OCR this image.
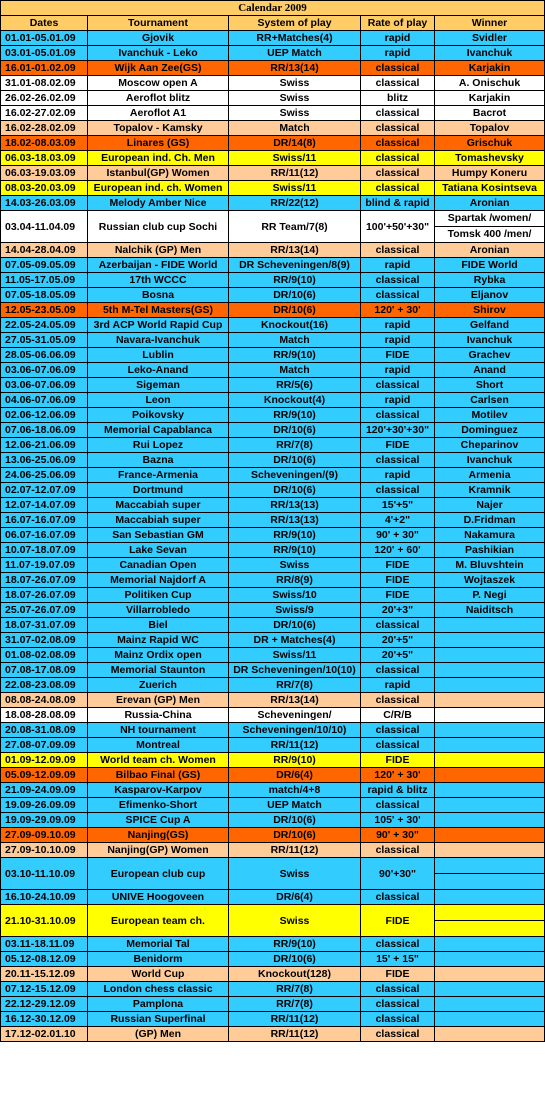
Calendar 2009				
Dates	Tournament	System of play	Rate of play	Winner
01.01-05.01.09	Gjovik	RR+Matches(4)	rapid	Svidler
03.01-05.01.09	Ivanchuk - Leko	UEP Match	rapid	Ivanchuk
16.01-01.02.09	Wijk Aan Zee(GS)	RR/13(14)	classical	Karjakin
31.01-08.02.09	Moscow open A	Swiss	classical	A. Onischuk
26.02-26.02.09	Aeroflot blitz	Swiss	blitz	Karjakin
16.02-27.02.09	Aeroflot A1	Swiss	classical	Bacrot
16.02-28.02.09	Topalov - Kamsky	Match	classical	Topalov
18.02-08.03.09	Linares (GS)	DR/14(8)	classical	Grischuk
06.03-18.03.09	European ind. Ch. Men	Swiss/11	classical	Tomashevsky
06.03-19.03.09	Istanbul(GP) Women	RR/11(12)	classical	Humpy Koneru
08.03-20.03.09	European ind. ch. Women	Swiss/11	classical	Tatiana Kosintseva
14.03-26.03.09	Melody Amber Nice	RR/22(12)	blind & rapid	Aronian
03.04-11.04.09	Russian club cup Sochi	RR Team/7(8)	100'+50'+30"	Spartak /women/
Tomsk 400 /men/

14.04-28.04.09	Nalchik (GP) Men	RR/13(14)	classical	Aronian
07.05-09.05.09	Azerbaijan - FIDE World	DR Scheveningen/8(9)	rapid	FIDE World
11.05-17.05.09	17th WCCC	RR/9(10)	classical	Rybka
07.05-18.05.09	Bosna	DR/10(6)	classical	Eljanov
12.05-23.05.09	5th M-Tel Masters(GS)	DR/10(6)	120' + 30'	Shirov
22.05-24.05.09	3rd ACP World Rapid Cup	Knockout(16)	rapid	Gelfand
27.05-31.05.09	Navara-Ivanchuk	Match	rapid	Ivanchuk
28.05-06.06.09	Lublin	RR/9(10)	FIDE	Grachev
03.06-07.06.09	Leko-Anand	Match	rapid	Anand
03.06-07.06.09	Sigeman	RR/5(6)	classical	Short
04.06-07.06.09	Leon	Knockout(4)	rapid	Carlsen
02.06-12.06.09	Poikovsky	RR/9(10)	classical	Motilev
07.06-18.06.09	Memorial Capablanca	DR/10(6)	120'+30'+30"	Dominguez
12.06-21.06.09	Rui Lopez	RR/7(8)	FIDE	Cheparinov
13.06-25.06.09	Bazna	DR/10(6)	classical	Ivanchuk
24.06-25.06.09	France-Armenia	Scheveningen/(9)	rapid	Armenia
02.07-12.07.09	Dortmund	DR/10(6)	classical	Kramnik
12.07-14.07.09	Maccabiah super	RR/13(13)	15'+5"	Najer
16.07-16.07.09	Maccabiah super	RR/13(13)	4'+2"	D.Fridman
06.07-16.07.09	San Sebastian GM	RR/9(10)	90' + 30"	Nakamura
10.07-18.07.09	Lake Sevan	RR/9(10)	120' + 60'	Pashikian
11.07-19.07.09	Canadian Open	Swiss	FIDE	M. Bluvshtein
18.07-26.07.09	Memorial Najdorf A	RR/8(9)	FIDE	Wojtaszek
18.07-26.07.09	Politiken Cup	Swiss/10	FIDE	P. Negi
25.07-26.07.09	Villarrobledo	Swiss/9	20'+3"	Naiditsch
18.07-31.07.09	Biel	DR/10(6)	classical	
31.07-02.08.09	Mainz Rapid WC	DR + Matches(4)	20'+5"	
01.08-02.08.09	Mainz Ordix open	Swiss/11	20'+5"	
07.08-17.08.09	Memorial Staunton	DR Scheveningen/10(10)	classical	
22.08-23.08.09	Zuerich	RR/7(8)	rapid	
08.08-24.08.09	Erevan (GP) Men	RR/13(14)	classical	
18.08-28.08.09	Russia-China	Scheveningen/	C/R/B	
20.08-31.08.09	NH tournament	Scheveningen/10/10)	classical	
27.08-07.09.09	Montreal	RR/11(12)	classical	
01.09-12.09.09	World team ch. Women	RR/9(10)	FIDE	
05.09-12.09.09	Bilbao Final (GS)	DR/6(4)	120' + 30'	
21.09-24.09.09	Kasparov-Karpov	match/4+8	rapid & blitz	
19.09-26.09.09	Efimenko-Short	UEP Match	classical	
19.09-29.09.09	SPICE Cup A	DR/10(6)	105' + 30'	
27.09-09.10.09	Nanjing(GS)	DR/10(6)	90' + 30"	
27.09-10.10.09	Nanjing(GP) Women	RR/11(12)	classical	
03.10-11.10.09	European club cup	Swiss	90'+30"	

16.10-24.10.09	UNIVE Hoogoveen	DR/6(4)	classical	
21.10-31.10.09	European team ch.	Swiss	FIDE	

03.11-18.11.09	Memorial Tal	RR/9(10)	classical	
05.12-08.12.09	Benidorm	DR/10(6)	15' + 15"	
20.11-15.12.09	World Cup	Knockout(128)	FIDE	
07.12-15.12.09	London chess classic	RR/7(8)	classical	
22.12-29.12.09	Pamplona	RR/7(8)	classical	
16.12-30.12.09	Russian Superfinal	RR/11(12)	classical	
17.12-02.01.10	(GP) Men	RR/11(12)	classical	
